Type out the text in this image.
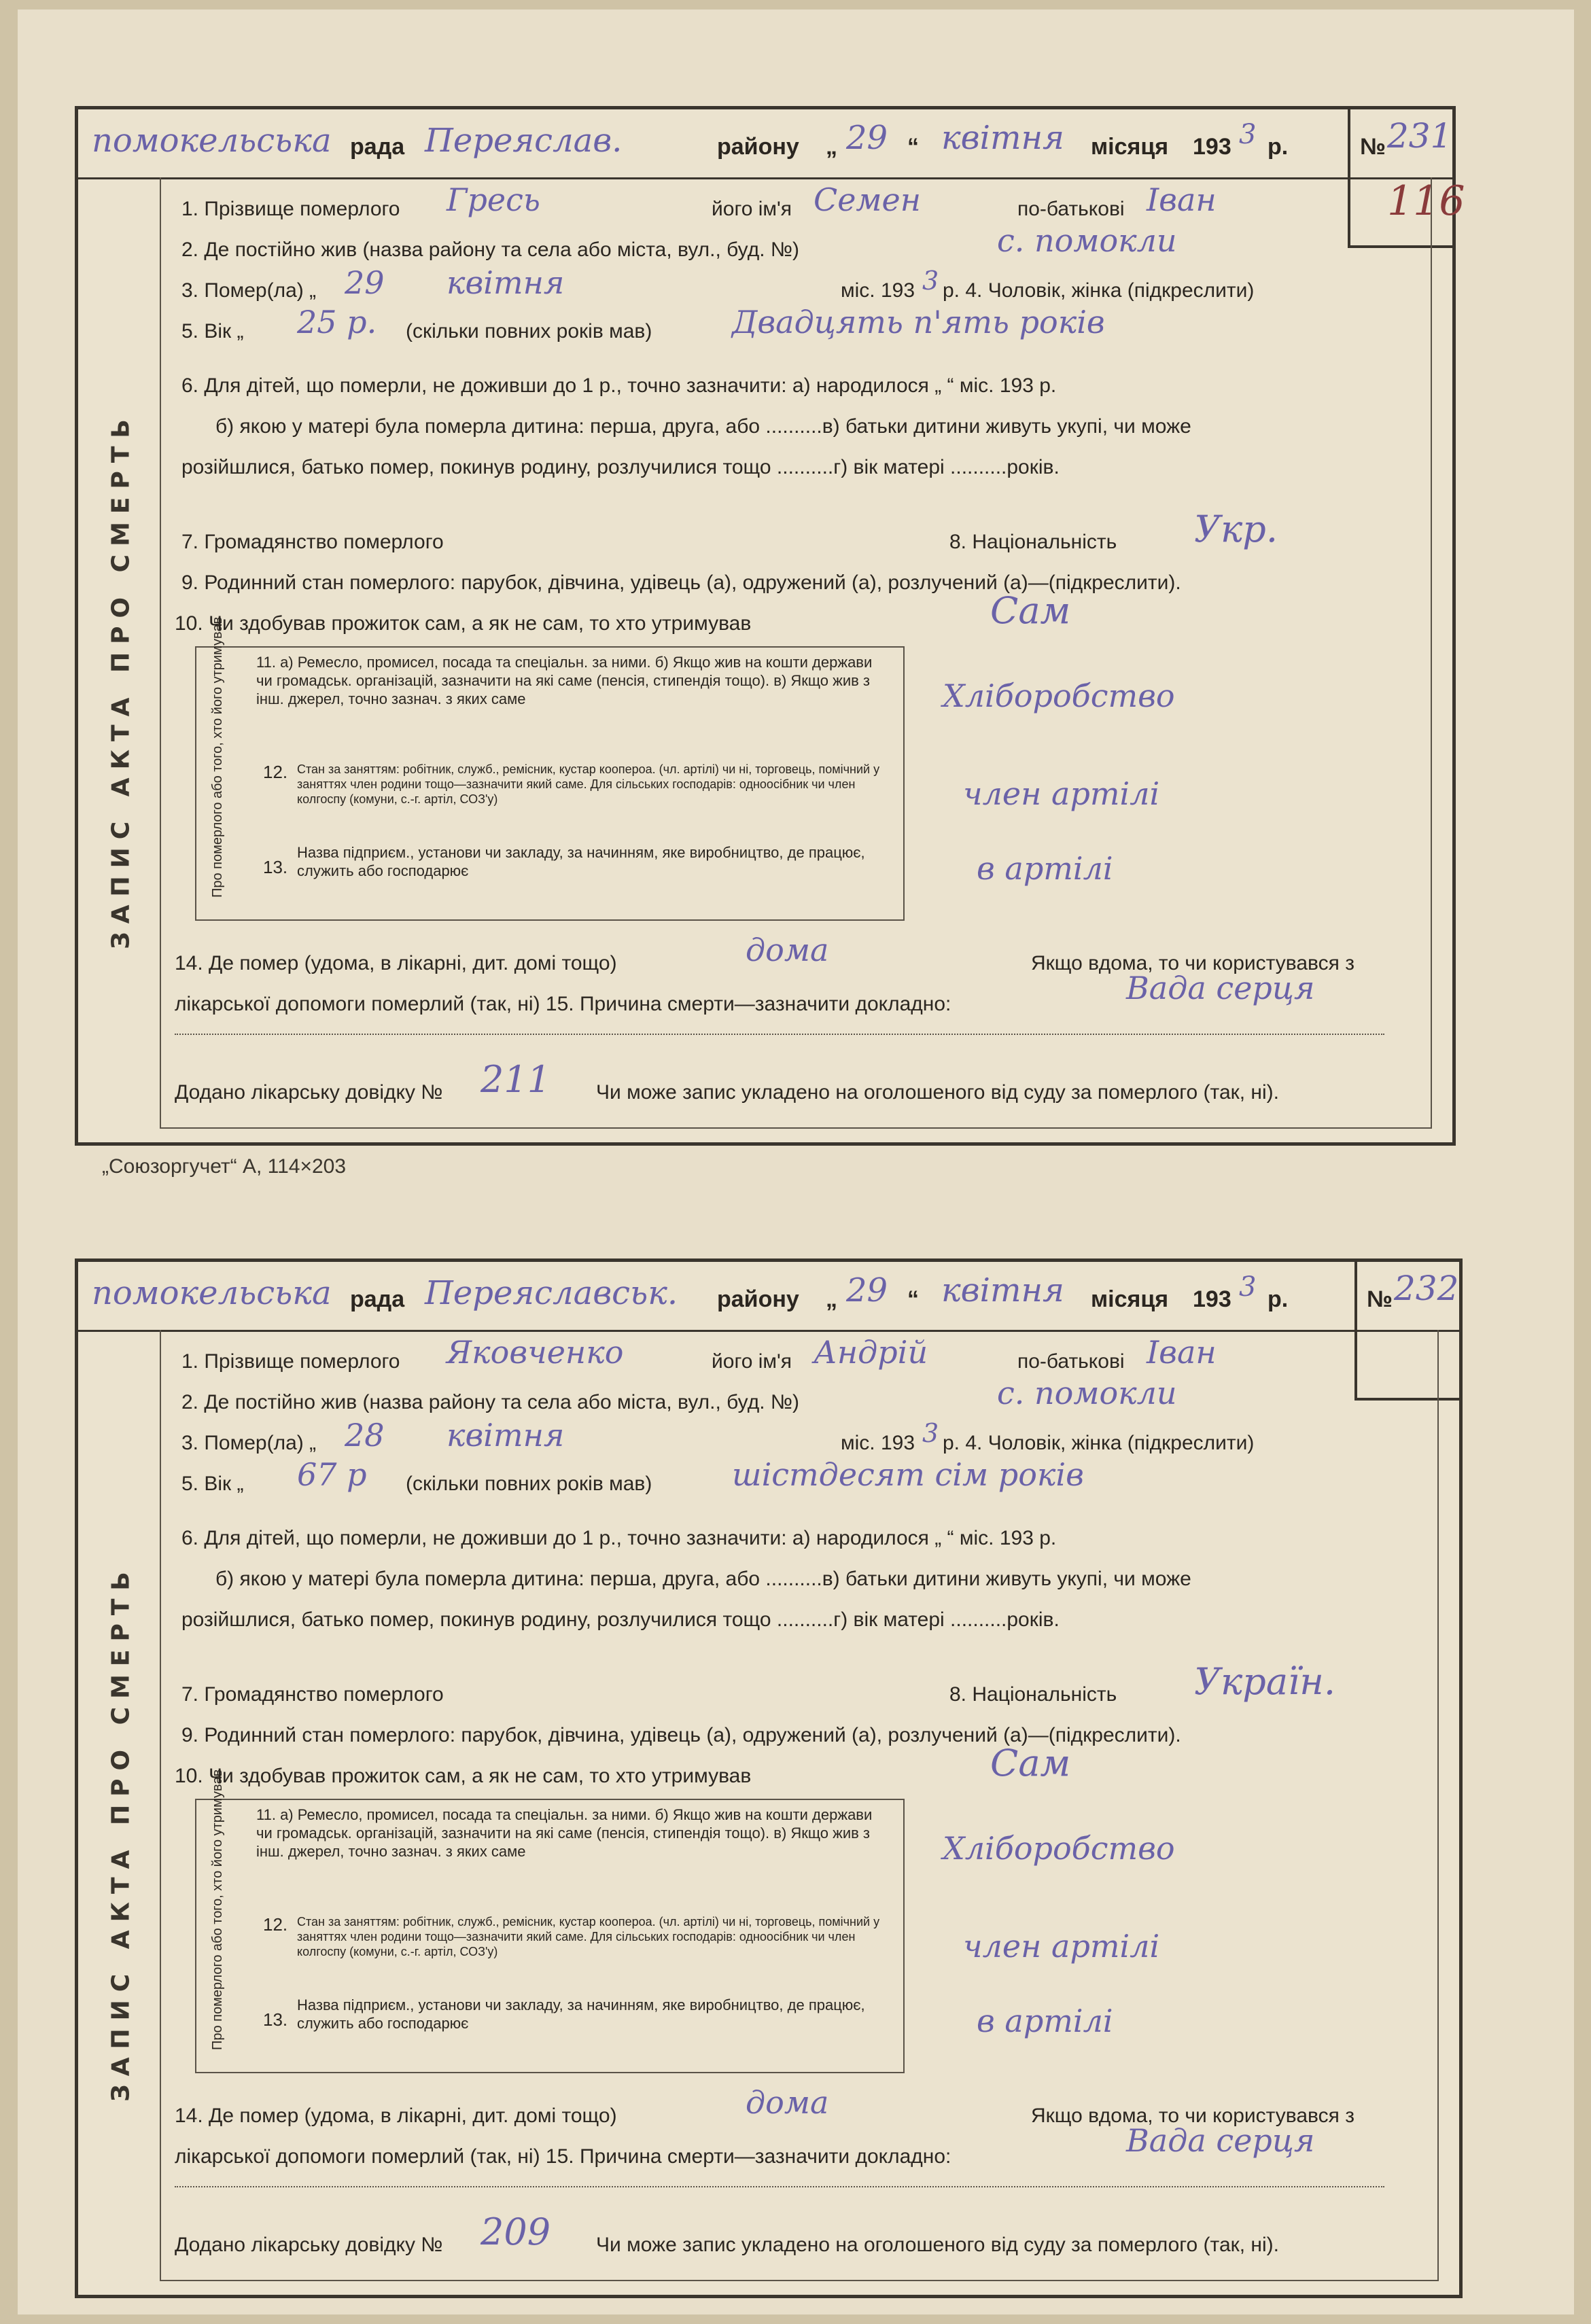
помокельська рада Переяслав.	району „ 29 “ квітня місяця 193 3 р.	№ 231
116
ЗАПИС АКТА ПРО СМЕРТЬ
1. Прізвище померлого Гресь	його ім'я Семен	по-батькові Іван
2. Де постійно жив (назва району та села або міста, вул., буд. №)	с. помокли
3. Помер(ла) „ 29 квітня	міс. 193 3 р. 4. Чоловік, жінка (підкреслити)
5. Вік „ 25 р. (скільки повних років мав)	Двадцять п'ять років
6. Для дітей, що померли, не доживши до 1 р., точно зазначити: а) народилося „ “ міс. 193 р.
б) якою у матері була померла дитина: перша, друга, або ..........в) батьки дитини живуть укупі, чи може
розійшлися, батько помер, покинув родину, розлучилися тощо ..........г) вік матері ..........років.
7. Громадянство померлого	8. Національність Укр.
9. Родинний стан померлого: парубок, дівчина, удівець (а), одружений (а), розлучений (а)—(підкреслити).
10. Чи здобував прожиток сам, а як не сам, то хто утримував	Сам
Про померлого або того, хто його утримував	11. а) Ремесло, промисел, посада та спеціальн. за ними. б) Якщо жив на кошти держави чи громадськ. організацій, зазначити на які саме (пенсія, стипендія тощо). в) Якщо жив з інш. джерел, точно зазнач. з яких саме	Хліборобство
12. Стан за заняттям: робітник, служб., ремісник, кустар коопероа. (чл. артілі) чи ні, торговець, помічний у заняттях член родини тощо—зазначити який саме. Для сільських господарів: одноосібник чи член колгоспу (комуни, с.-г. артіл, СОЗ'у)	член артілі
13.
Назва підприєм., установи чи закладу, за начинням, яке виробництво, де працює, служить або господарює	в артілі
14. Де помер (удома, в лікарні, дит. домі тощо)	дома	Якщо вдома, то чи користувався з
лікарської допомоги померлий (так, ні) 15. Причина смерти—зазначити докладно:	Вада серця
Додано лікарську довідку № 211 Чи може запис укладено на оголошеного від суду за померлого (так, ні).
помокельська рада Переяславськ. району „ 29 “ квітня місяця 193 3 р.	№ 232
ЗАПИС АКТА ПРО СМЕРТЬ
1. Прізвище померлого Яковченко	його ім'я Андрій	по-батькові Іван
2. Де постійно жив (назва району та села або міста, вул., буд. №)	с. помокли
3. Помер(ла) „ 28 квітня	міс. 193 3 р. 4. Чоловік, жінка (підкреслити)
5. Вік „ 67 р (скільки повних років мав)	шістдесят сім років
6. Для дітей, що померли, не доживши до 1 р., точно зазначити: а) народилося „ “ міс. 193 р.
б) якою у матері була померла дитина: перша, друга, або ..........в) батьки дитини живуть укупі, чи може
розійшлися, батько помер, покинув родину, розлучилися тощо ..........г) вік матері ..........років.
7. Громадянство померлого	8. Національність Україн.
9. Родинний стан померлого: парубок, дівчина, удівець (а), одружений (а), розлучений (а)—(підкреслити).
10. Чи здобував прожиток сам, а як не сам, то хто утримував	Сам
Про померлого або того, хто його утримував	11. а) Ремесло, промисел, посада та спеціальн. за ними. б) Якщо жив на кошти держави чи громадськ. організацій, зазначити на які саме (пенсія, стипендія тощо). в) Якщо жив з інш. джерел, точно зазнач. з яких саме	Хліборобство
12. Стан за заняттям: робітник, служб., ремісник, кустар коопероа. (чл. артілі) чи ні, торговець, помічний у заняттях член родини тощо—зазначити який саме. Для сільських господарів: одноосібник чи член колгоспу (комуни, с.-г. артіл, СОЗ'у)	член артілі
13.
Назва підприєм., установи чи закладу, за начинням, яке виробництво, де працює, служить або господарює	в артілі
14. Де помер (удома, в лікарні, дит. домі тощо)	дома	Якщо вдома, то чи користувався з
лікарської допомоги померлий (так, ні) 15. Причина смерти—зазначити докладно:	Вада серця
Додано лікарську довідку № 209 Чи може запис укладено на оголошеного від суду за померлого (так, ні).
„Союзоргучет“ А, 114×203
